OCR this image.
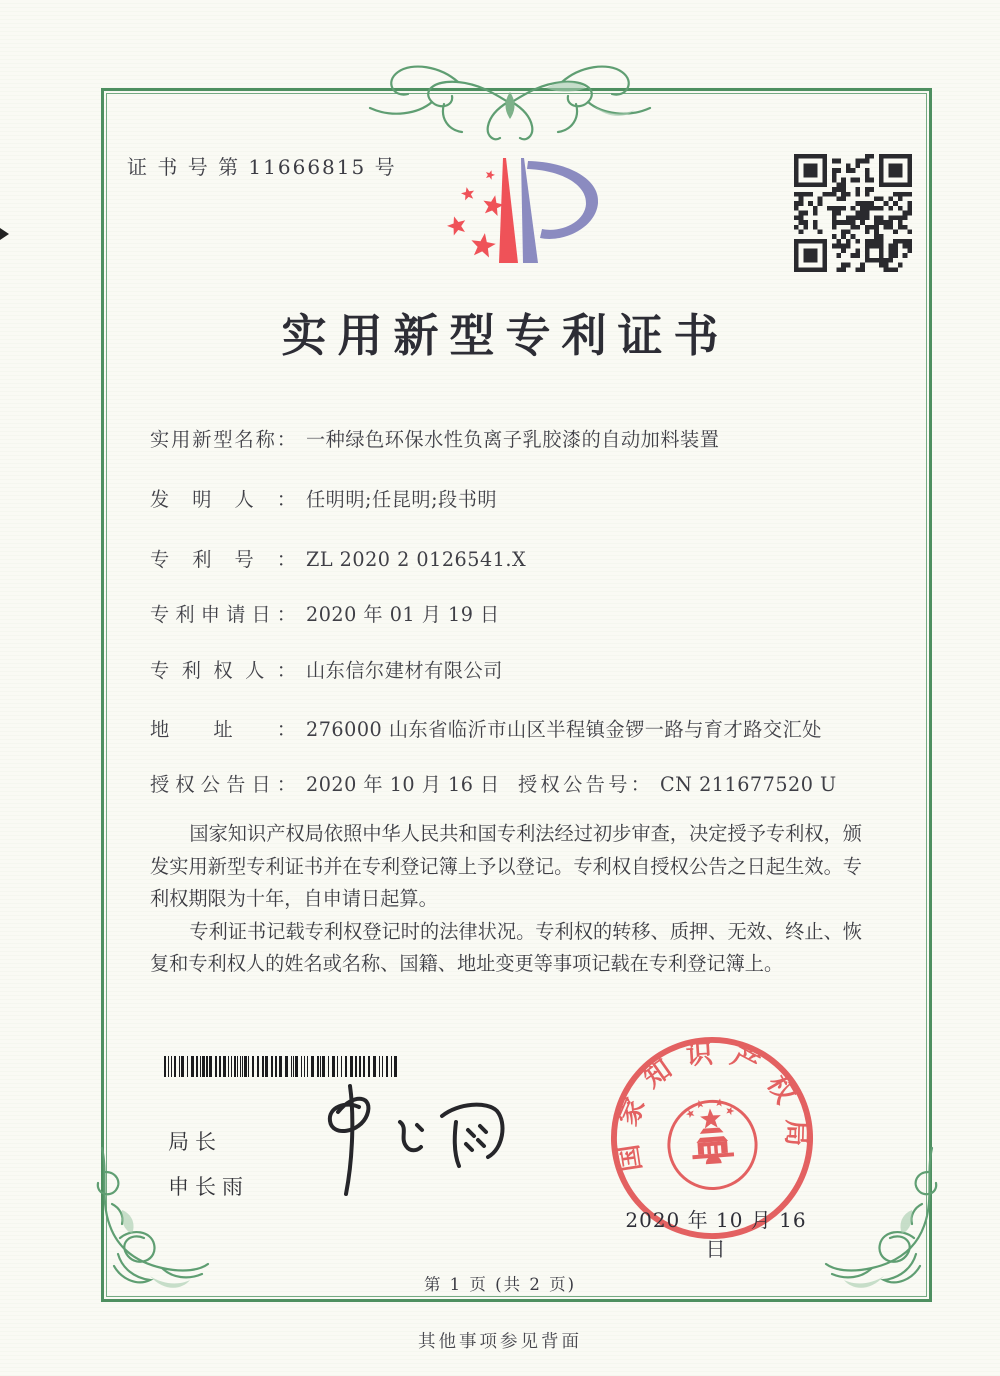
证 书 号 第 11666815 号
实用新型专利证书
实用新型名称： 一种绿色环保水性负离子乳胶漆的自动加料装置
发明人： 任明明;任昆明;段书明
专利号： ZL 2020 2 0126541.X
专利申请日： 2020 年 01 月 19 日
专利权人： 山东信尔建材有限公司
地址： 276000 山东省临沂市山区半程镇金锣一路与育才路交汇处
授权公告日： 2020 年 10 月 16 日 授权公告号： CN 211677520 U

国家知识产权局依照中华人民共和国专利法经过初步审查，决定授予专利权，颁发实用新型专利证书并在专利登记簿上予以登记。专利权自授权公告之日起生效。专利权期限为十年，自申请日起算。

专利证书记载专利权登记时的法律状况。专利权的转移、质押、无效、终止、恢复和专利权人的姓名或名称、国籍、地址变更等事项记载在专利登记簿上。

局长
申长雨
国家知识产权局
2020 年 10 月 16 日
第 1 页 (共 2 页)
其他事项参见背面
